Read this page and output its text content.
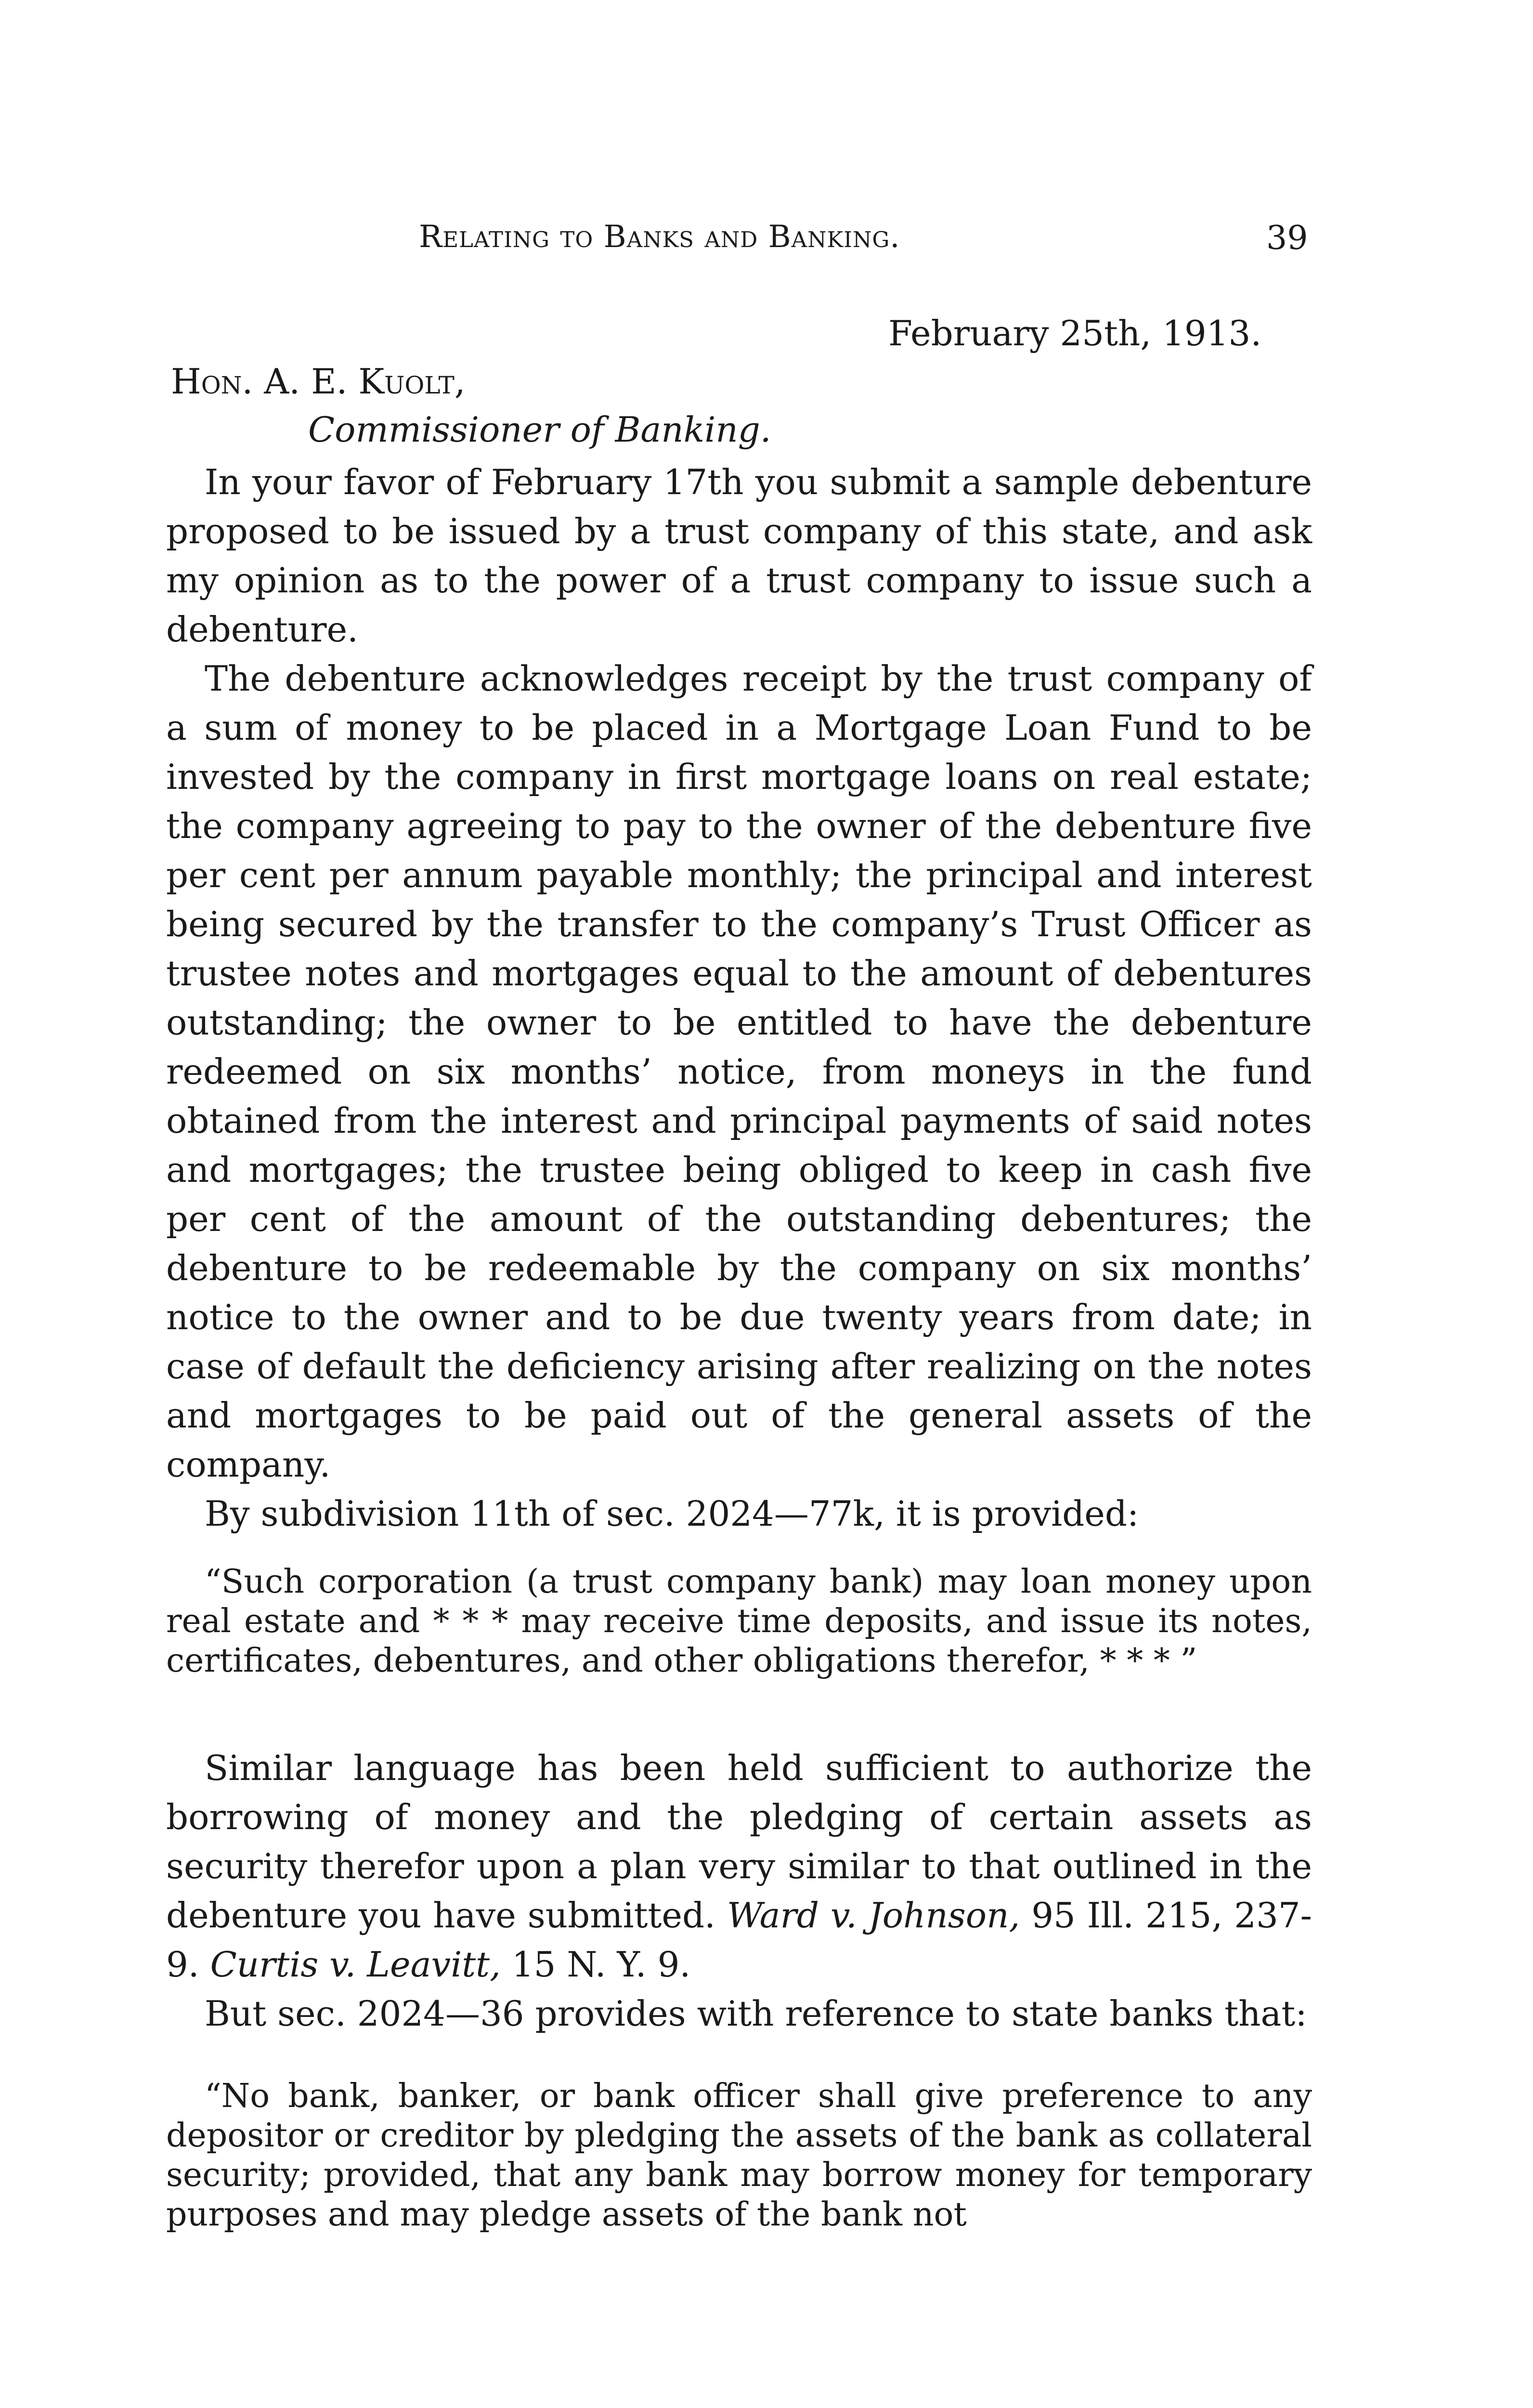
Relating to Banks and Banking.	39
February 25th, 1913.
Hon. A. E. Kuolt,
Commissioner of Banking.

In your favor of February 17th you submit a sample debenture proposed to be issued by a trust company of this state, and ask my opinion as to the power of a trust company to issue such a debenture.

The debenture acknowledges receipt by the trust company of a sum of money to be placed in a Mortgage Loan Fund to be invested by the company in first mortgage loans on real estate; the company agreeing to pay to the owner of the debenture five per cent per annum payable monthly; the principal and interest being secured by the transfer to the company’s Trust Officer as trustee notes and mortgages equal to the amount of debentures outstanding; the owner to be entitled to have the debenture redeemed on six months’ notice, from moneys in the fund obtained from the interest and principal payments of said notes and mortgages; the trustee being obliged to keep in cash five per cent of the amount of the outstanding debentures; the debenture to be redeemable by the company on six months’ notice to the owner and to be due twenty years from date; in case of default the deficiency arising after realizing on the notes and mortgages to be paid out of the general assets of the company.

By subdivision 11th of sec. 2024—77k, it is provided:

“Such corporation (a trust company bank) may loan money upon real estate and * * * may receive time deposits, and issue its notes, certificates, debentures, and other obligations therefor, * * * ”

Similar language has been held sufficient to authorize the borrowing of money and the pledging of certain assets as security therefor upon a plan very similar to that outlined in the debenture you have submitted. Ward v. Johnson, 95 Ill. 215, 237-9. Curtis v. Leavitt, 15 N. Y. 9.

But sec. 2024—36 provides with reference to state banks that:

“No bank, banker, or bank officer shall give preference to any depositor or creditor by pledging the assets of the bank as collateral security; provided, that any bank may borrow money for temporary purposes and may pledge assets of the bank not
